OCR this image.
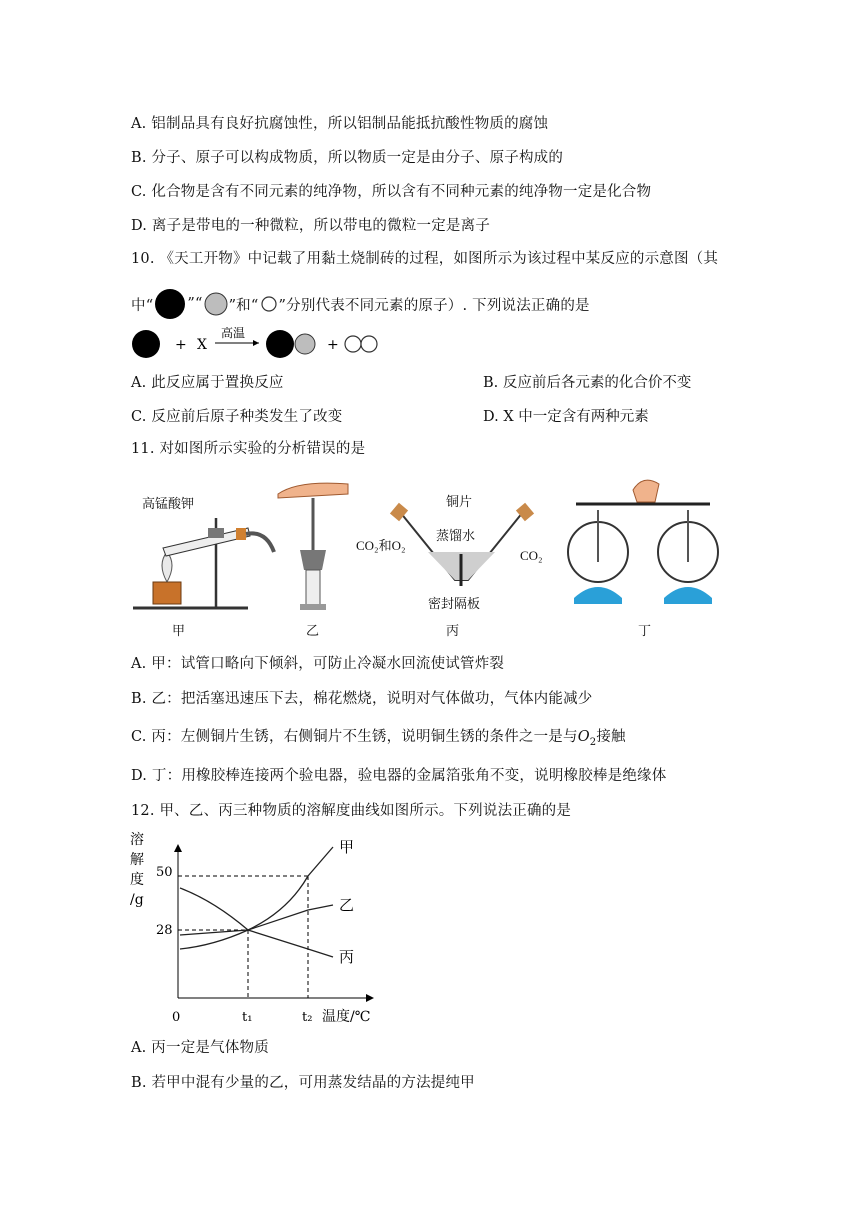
A. 铝制品具有良好抗腐蚀性，所以铝制品能抵抗酸性物质的腐蚀
B. 分子、原子可以构成物质，所以物质一定是由分子、原子构成的
C. 化合物是含有不同元素的纯净物，所以含有不同种元素的纯净物一定是化合物
D. 离子是带电的一种微粒，所以带电的微粒一定是离子
10. 《天工开物》中记载了用黏土烧制砖的过程，如图所示为该过程中某反应的示意图（其
中“ ”“ ”和“ ”分别代表不同元素的原子）. 下列说法正确的是
+ X
高温
+
A. 此反应属于置换反应	B. 反应前后各元素的化合价不变
C. 反应前后原子种类发生了改变	D. X 中一定含有两种元素
11. 对如图所示实验的分析错误的是
高锰酸钾
甲	乙
铜片
蒸馏水
CO₂和O₂
CO₂
密封隔板
丙	丁
A. 甲：试管口略向下倾斜，可防止冷凝水回流使试管炸裂
B. 乙：把活塞迅速压下去，棉花燃烧，说明对气体做功，气体内能减少
C. 丙：左侧铜片生锈，右侧铜片不生锈，说明铜生锈的条件之一是与$O_2$接触
D. 丁：用橡胶棒连接两个验电器，验电器的金属箔张角不变，说明橡胶棒是绝缘体
12. 甲、乙、丙三种物质的溶解度曲线如图所示。下列说法正确的是
溶
解
度
/g
0
50
28
t₁	t₂ 温度/℃
甲
乙
丙
A. 丙一定是气体物质
B. 若甲中混有少量的乙，可用蒸发结晶的方法提纯甲
